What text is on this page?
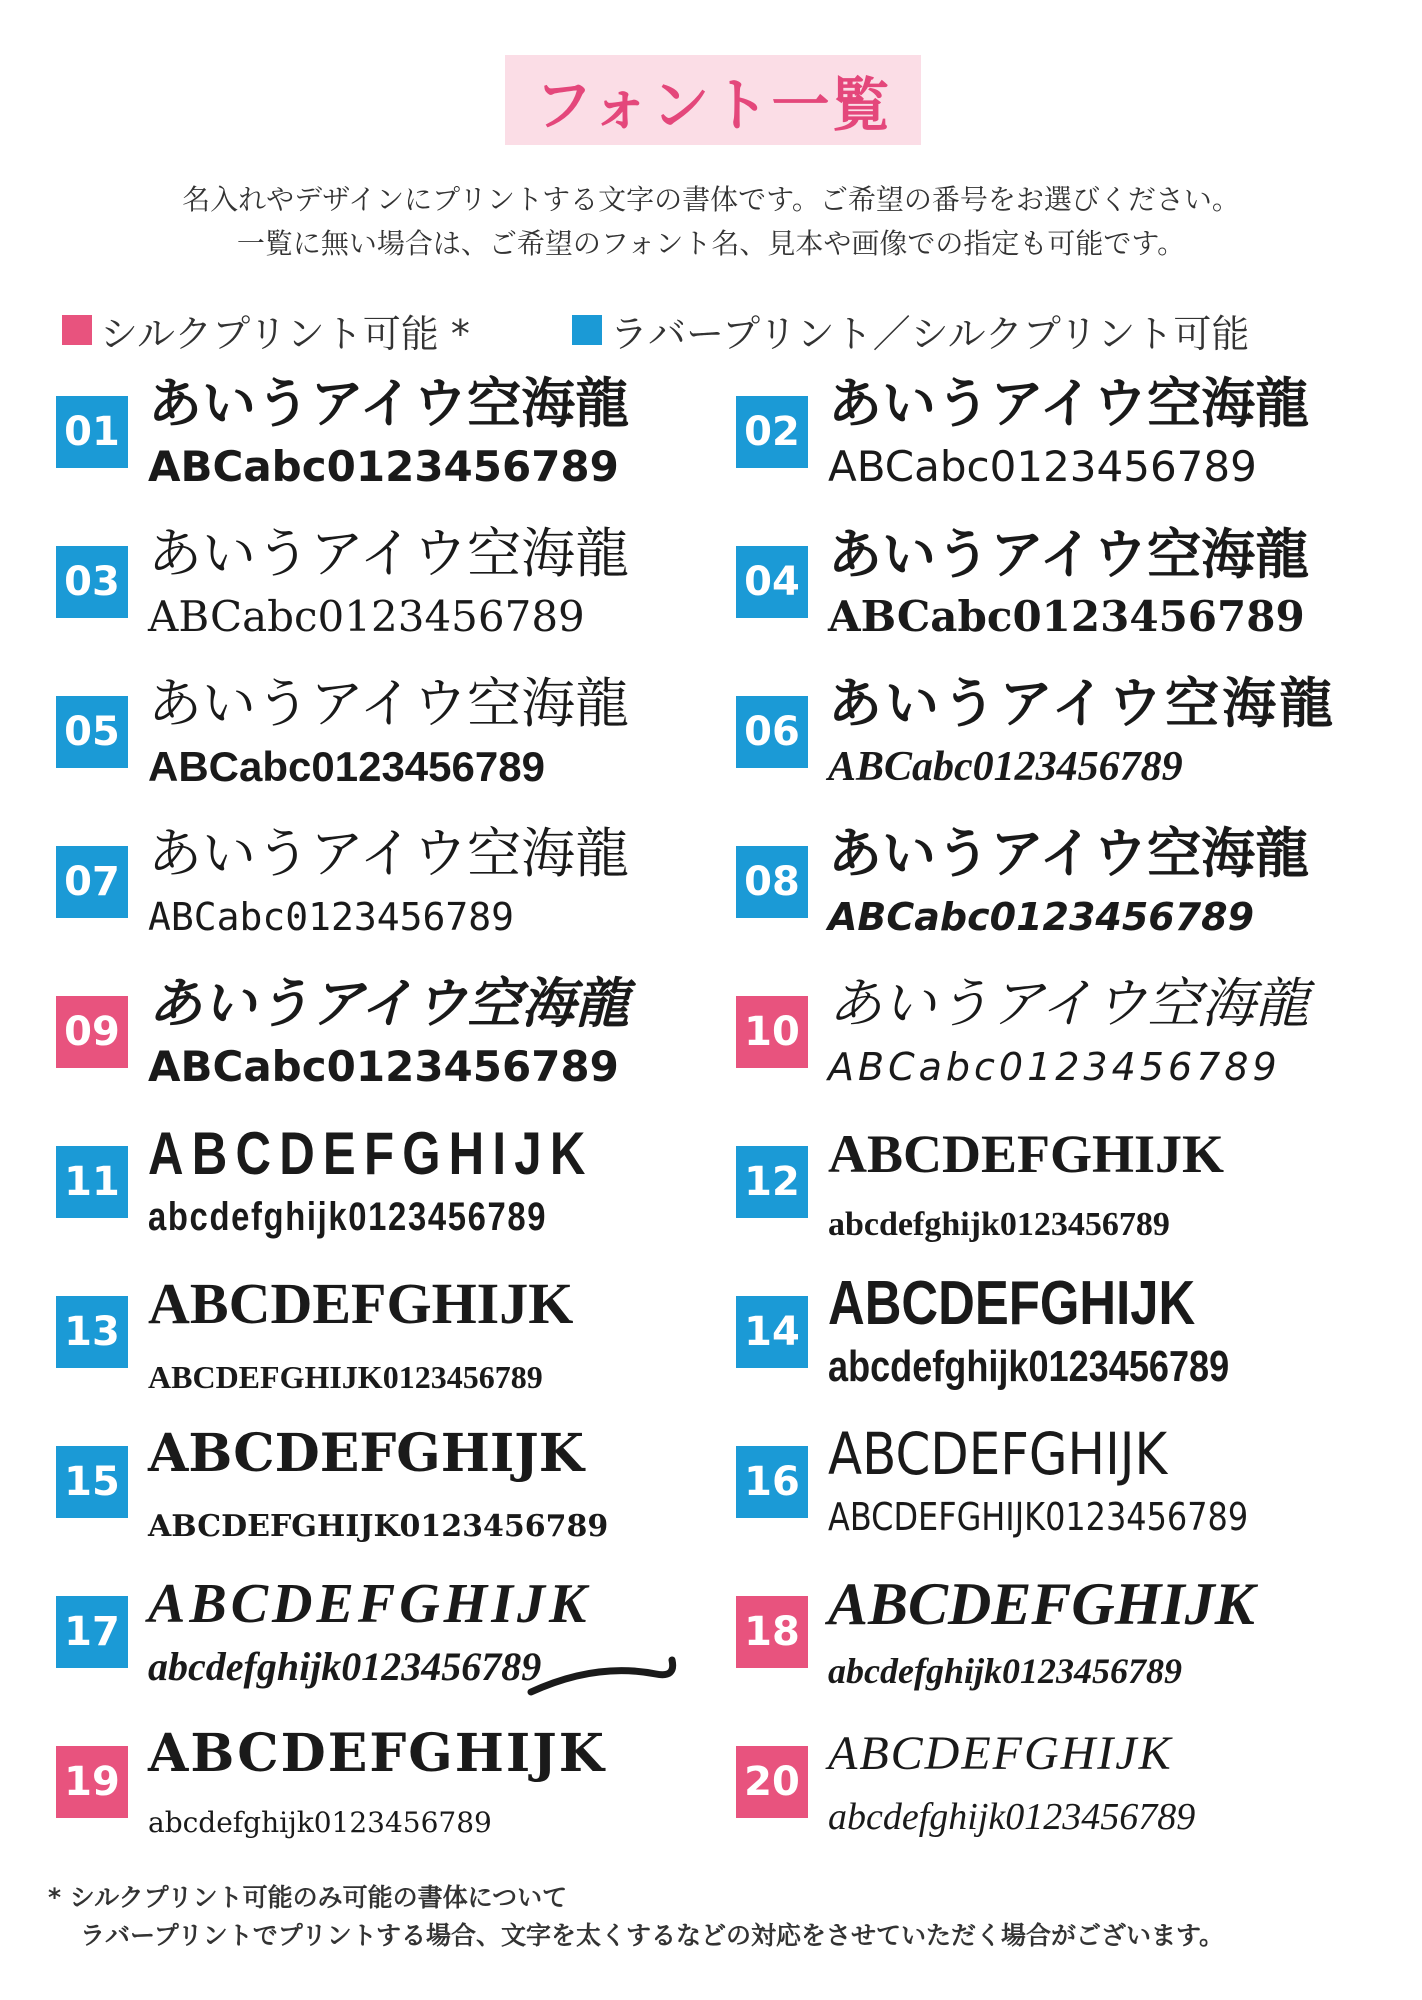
フォント一覧
名入れやデザインにプリントする文字の書体です。ご希望の番号をお選びください。
一覧に無い場合は、ご希望のフォント名、見本や画像での指定も可能です。
シルクプリント可能 *	ラバープリント／シルクプリント可能
01 あいうアイウ空海龍
ABCabc0123456789
02 あいうアイウ空海龍
ABCabc0123456789
03 あいうアイウ空海龍
ABCabc0123456789
04 あいうアイウ空海龍
ABCabc0123456789
05 あいうアイウ空海龍
ABCabc0123456789
06 あいうアイウ空海龍
ABCabc0123456789
07 あいうアイウ空海龍
ABCabc0123456789
08 あいうアイウ空海龍
ABCabc0123456789
09 あいうアイウ空海龍
ABCabc0123456789
10 あいうアイウ空海龍
ABCabc0123456789
11 ABCDEFGHIJK
abcdefghijk0123456789
12 ABCDEFGHIJK
abcdefghijk0123456789
13 ABCDEFGHIJK
ABCDEFGHIJK0123456789
14 ABCDEFGHIJK
abcdefghijk0123456789
15 ABCDEFGHIJK
ABCDEFGHIJK0123456789
16 ABCDEFGHIJK
ABCDEFGHIJK0123456789
17 ABCDEFGHIJK
abcdefghijk0123456789
18 ABCDEFGHIJK
abcdefghijk0123456789
19 ABCDEFGHIJK
abcdefghijk0123456789
20
ABCDEFGHIJK
abcdefghijk0123456789
* シルクプリント可能のみ可能の書体について
ラバープリントでプリントする場合、文字を太くするなどの対応をさせていただく場合がございます。
